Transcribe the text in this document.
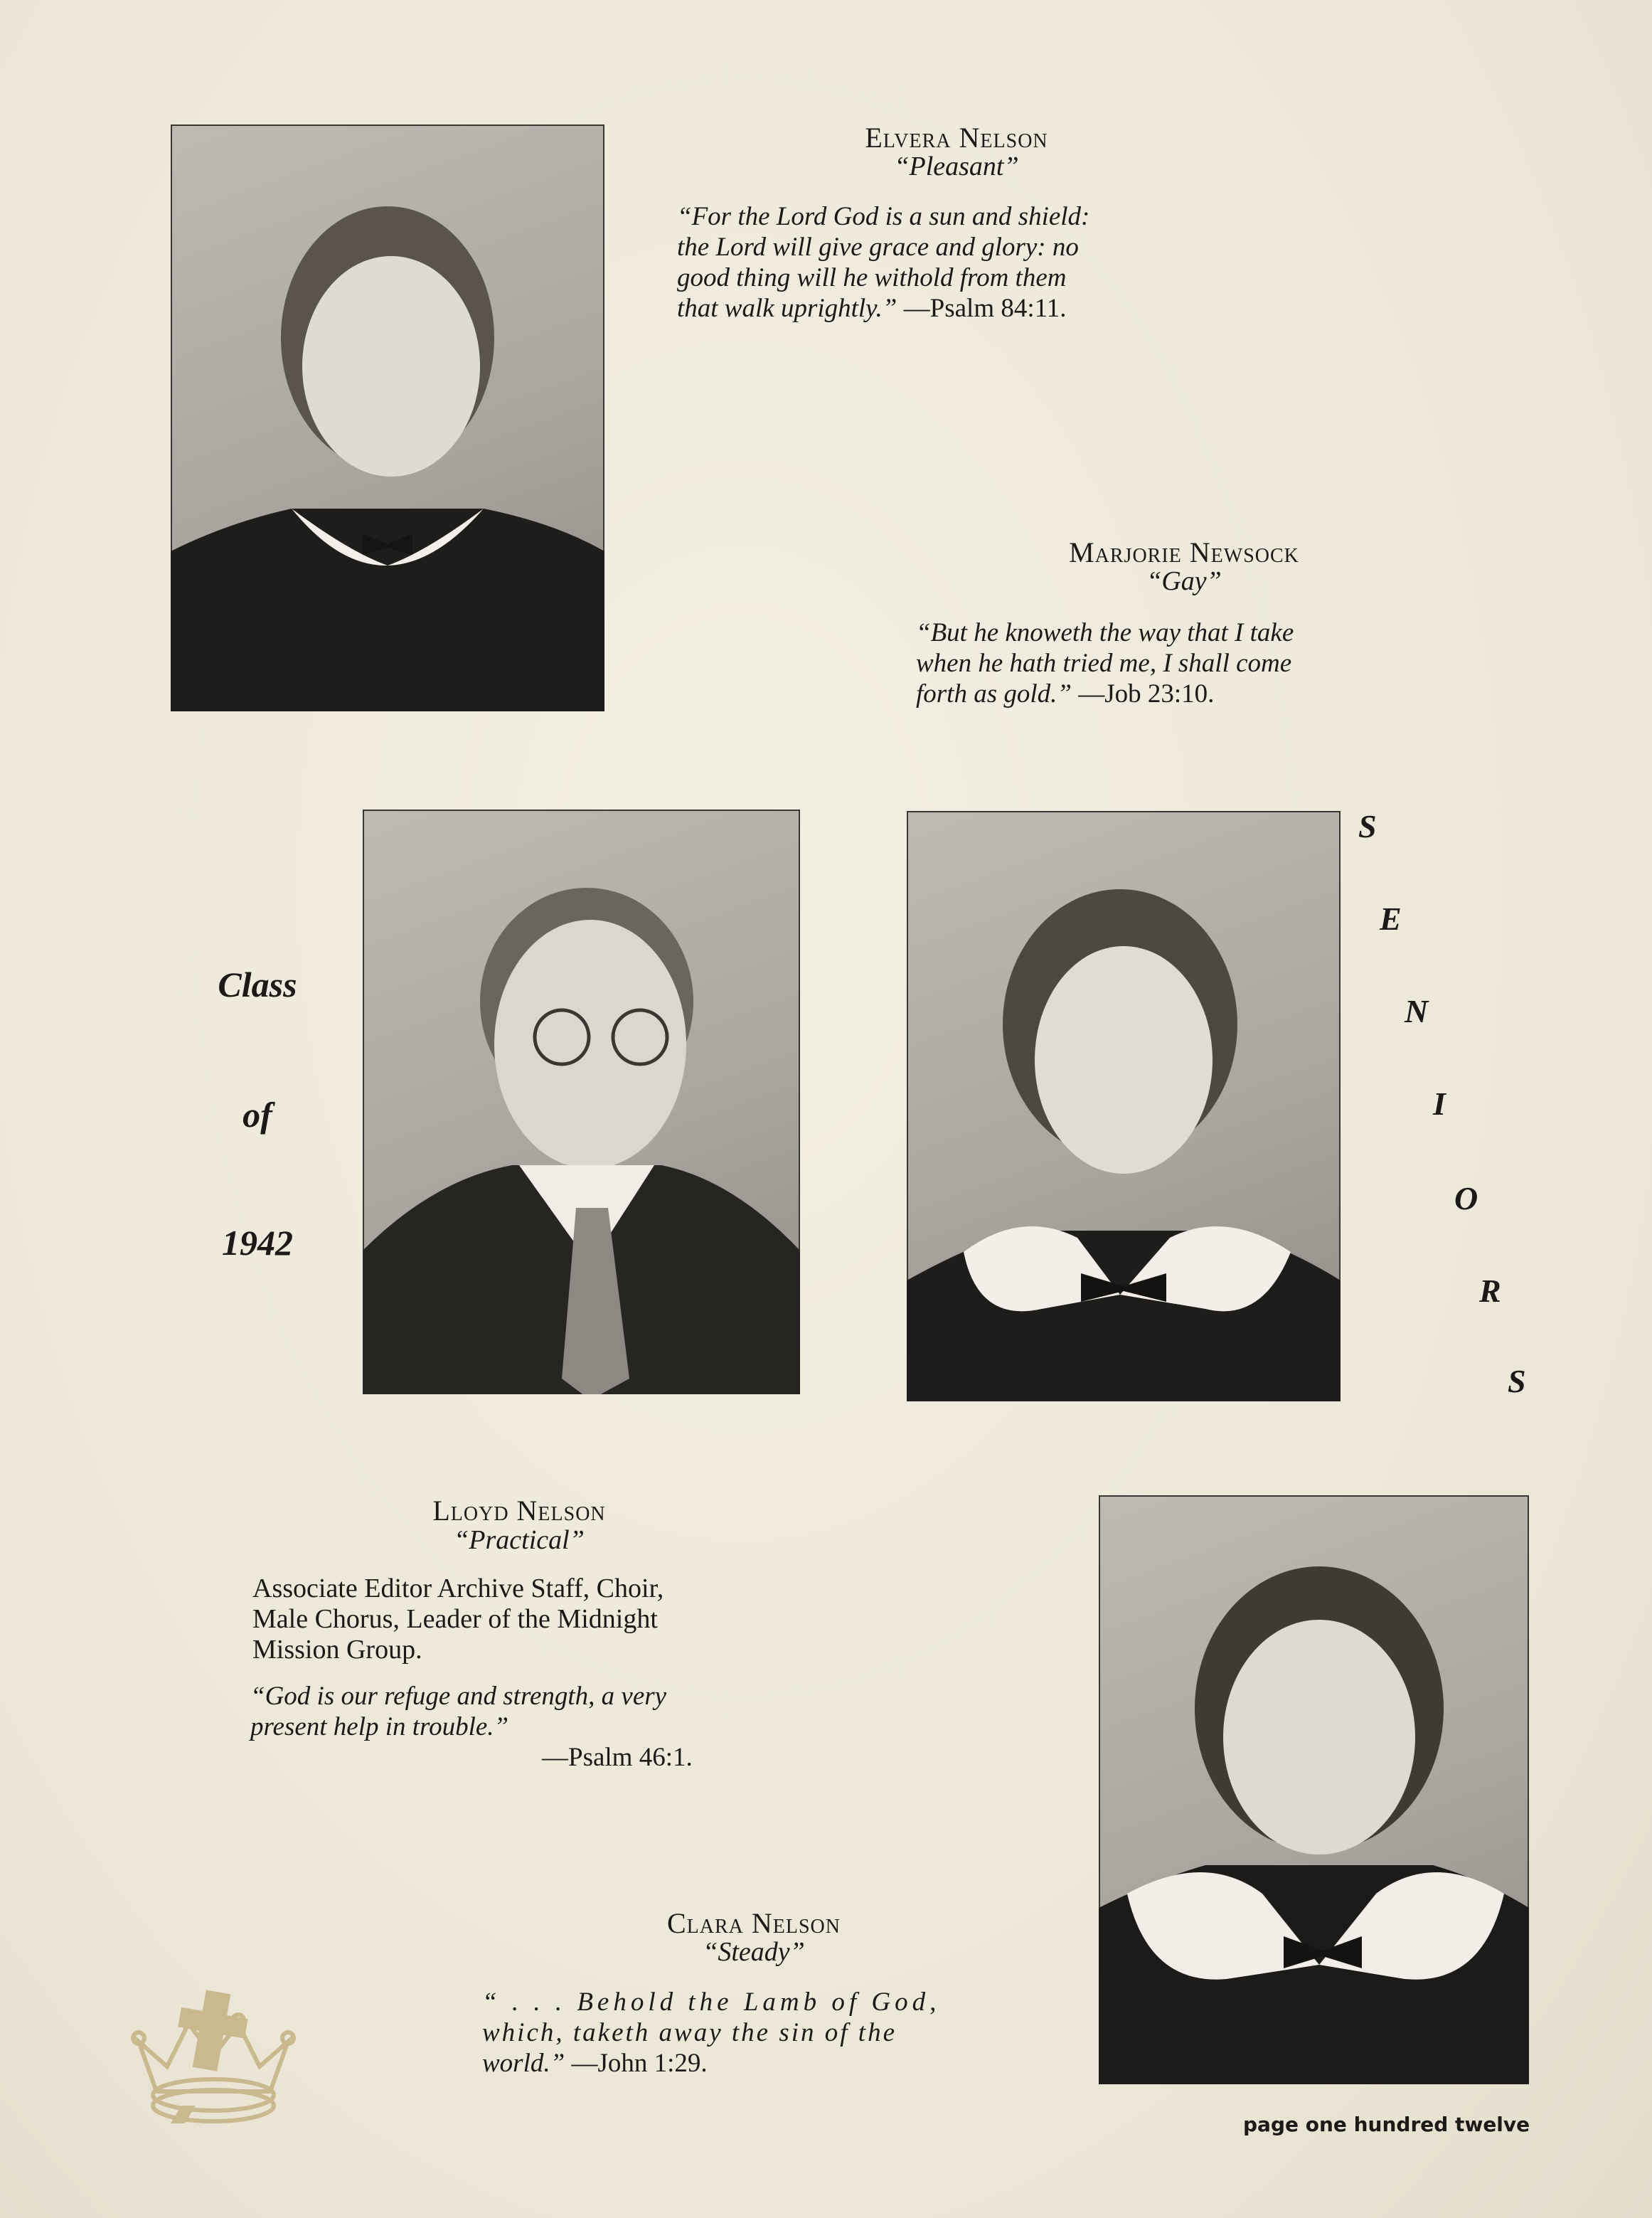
Elvera Nelson
“Pleasant”
“For the Lord God is a sun and shield:
the Lord will give grace and glory: no
good thing will he withold from them
that walk uprightly.” —Psalm 84:11.
Marjorie Newsock
“Gay”
“But he knoweth the way that I take
when he hath tried me, I shall come
forth as gold.” —Job 23:10.
Class
of
1942
S
E
N
I
O
R
S
Lloyd Nelson
“Practical”
Associate Editor Archive Staff, Choir,
Male Chorus, Leader of the Midnight
Mission Group.
“God is our refuge and strength, a very
present help in trouble.”
—Psalm 46:1.
Clara Nelson
“Steady”
“ . . . Behold the Lamb of God,
which, taketh away the sin of the
world.” —John 1:29.
page one hundred twelve
